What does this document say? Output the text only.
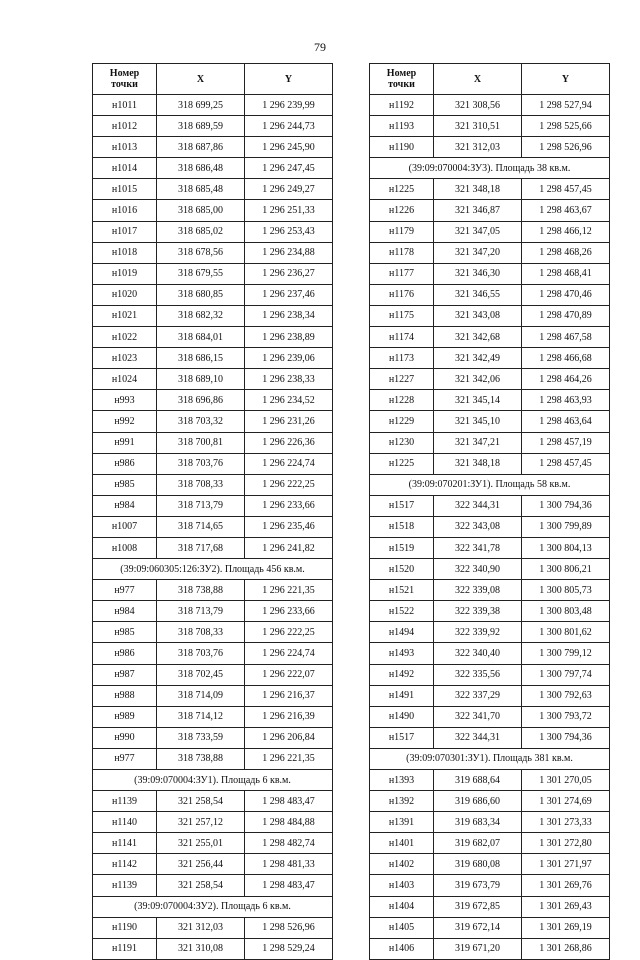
79
Номер
точки	X	Y
н1011	318 699,25	1 296 239,99
н1012	318 689,59	1 296 244,73
н1013	318 687,86	1 296 245,90
н1014	318 686,48	1 296 247,45
н1015	318 685,48	1 296 249,27
н1016	318 685,00	1 296 251,33
н1017	318 685,02	1 296 253,43
н1018	318 678,56	1 296 234,88
н1019	318 679,55	1 296 236,27
н1020	318 680,85	1 296 237,46
н1021	318 682,32	1 296 238,34
н1022	318 684,01	1 296 238,89
н1023	318 686,15	1 296 239,06
н1024	318 689,10	1 296 238,33
н993	318 696,86	1 296 234,52
н992	318 703,32	1 296 231,26
н991	318 700,81	1 296 226,36
н986	318 703,76	1 296 224,74
н985	318 708,33	1 296 222,25
н984	318 713,79	1 296 233,66
н1007	318 714,65	1 296 235,46
н1008	318 717,68	1 296 241,82
(39:09:060305:126:ЗУ2). Площадь 456 кв.м.		
н977	318 738,88	1 296 221,35
н984	318 713,79	1 296 233,66
н985	318 708,33	1 296 222,25
н986	318 703,76	1 296 224,74
н987	318 702,45	1 296 222,07
н988	318 714,09	1 296 216,37
н989	318 714,12	1 296 216,39
н990	318 733,59	1 296 206,84
н977	318 738,88	1 296 221,35
(39:09:070004:ЗУ1). Площадь 6 кв.м.		
н1139	321 258,54	1 298 483,47
н1140	321 257,12	1 298 484,88
н1141	321 255,01	1 298 482,74
н1142	321 256,44	1 298 481,33
н1139	321 258,54	1 298 483,47
(39:09:070004:ЗУ2). Площадь 6 кв.м.		
н1190	321 312,03	1 298 526,96
н1191	321 310,08	1 298 529,24
Номер
точки	X	Y
н1192	321 308,56	1 298 527,94
н1193	321 310,51	1 298 525,66
н1190	321 312,03	1 298 526,96
(39:09:070004:ЗУ3). Площадь 38 кв.м.		
н1225	321 348,18	1 298 457,45
н1226	321 346,87	1 298 463,67
н1179	321 347,05	1 298 466,12
н1178	321 347,20	1 298 468,26
н1177	321 346,30	1 298 468,41
н1176	321 346,55	1 298 470,46
н1175	321 343,08	1 298 470,89
н1174	321 342,68	1 298 467,58
н1173	321 342,49	1 298 466,68
н1227	321 342,06	1 298 464,26
н1228	321 345,14	1 298 463,93
н1229	321 345,10	1 298 463,64
н1230	321 347,21	1 298 457,19
н1225	321 348,18	1 298 457,45
(39:09:070201:ЗУ1). Площадь 58 кв.м.		
н1517	322 344,31	1 300 794,36
н1518	322 343,08	1 300 799,89
н1519	322 341,78	1 300 804,13
н1520	322 340,90	1 300 806,21
н1521	322 339,08	1 300 805,73
н1522	322 339,38	1 300 803,48
н1494	322 339,92	1 300 801,62
н1493	322 340,40	1 300 799,12
н1492	322 335,56	1 300 797,74
н1491	322 337,29	1 300 792,63
н1490	322 341,70	1 300 793,72
н1517	322 344,31	1 300 794,36
(39:09:070301:ЗУ1). Площадь 381 кв.м.		
н1393	319 688,64	1 301 270,05
н1392	319 686,60	1 301 274,69
н1391	319 683,34	1 301 273,33
н1401	319 682,07	1 301 272,80
н1402	319 680,08	1 301 271,97
н1403	319 673,79	1 301 269,76
н1404	319 672,85	1 301 269,43
н1405	319 672,14	1 301 269,19
н1406	319 671,20	1 301 268,86
